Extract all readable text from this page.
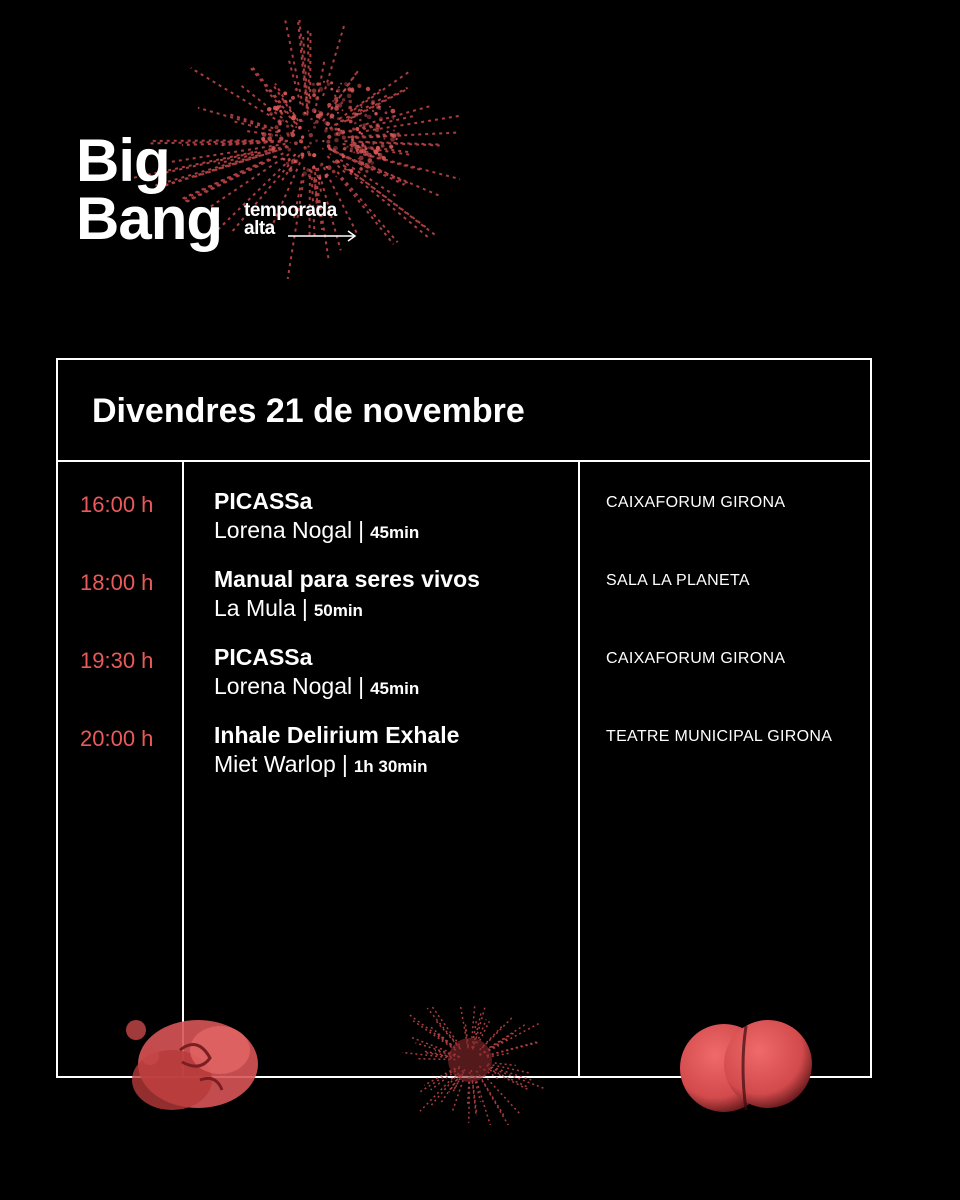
Big
Bang temporada
alta
Divendres 21 de novembre
16:00 h	PICASSa
Lorena Nogal | 45min
CAIXAFORUM GIRONA
18:00 h	Manual para seres vivos
La Mula | 50min
SALA LA PLANETA
19:30 h	PICASSa
Lorena Nogal | 45min
CAIXAFORUM GIRONA
20:00 h	Inhale Delirium Exhale
Miet Warlop | 1h 30min
TEATRE MUNICIPAL GIRONA
